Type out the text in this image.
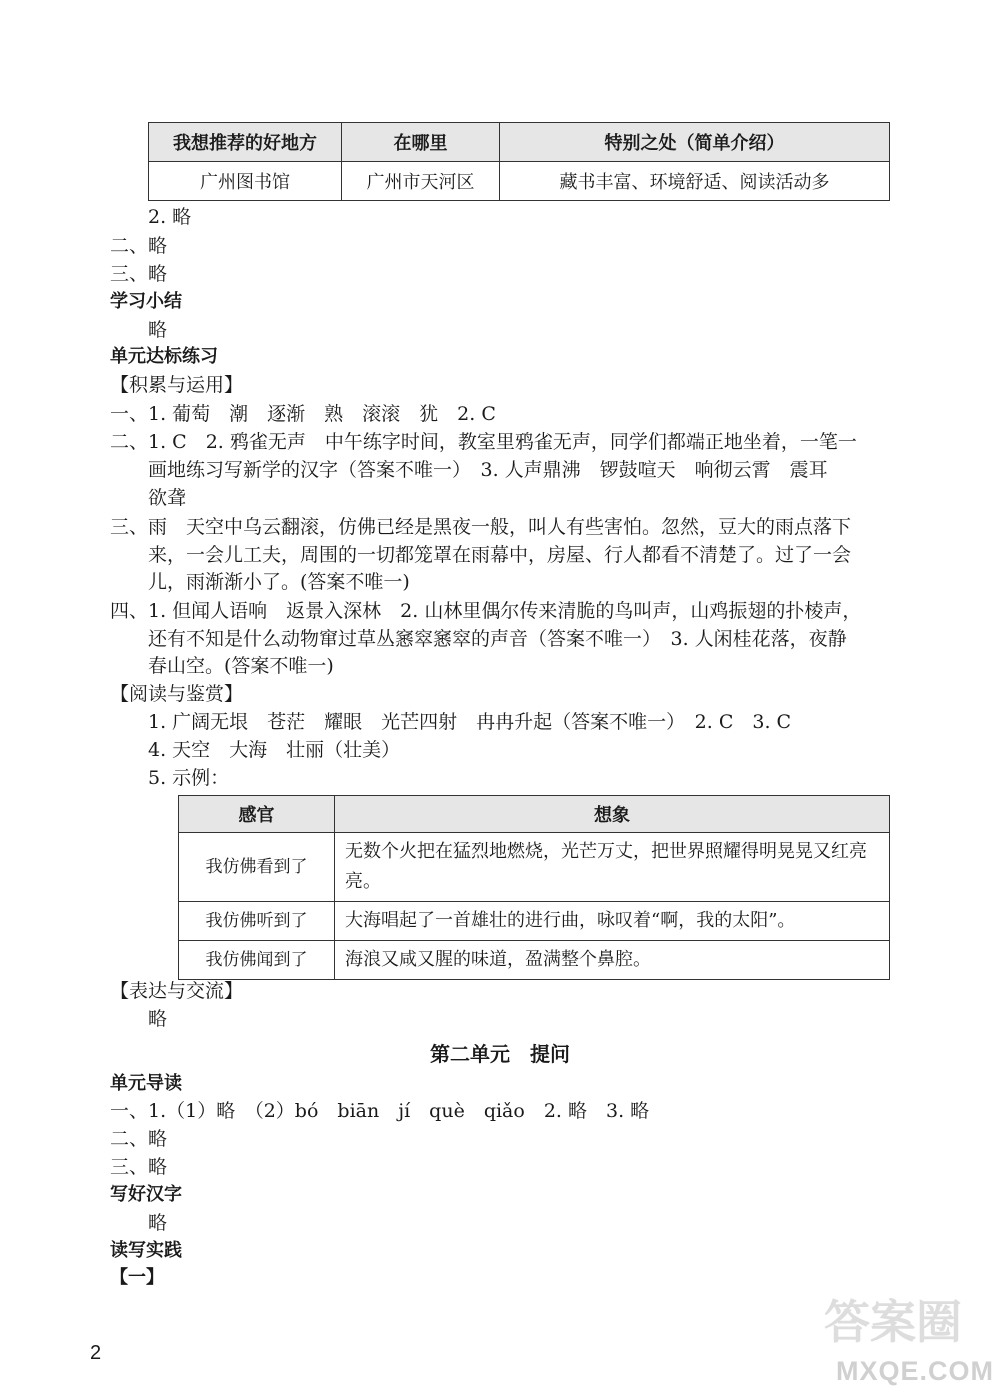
我想推荐的好地方	在哪里	特别之处（简单介绍）
广州图书馆	广州市天河区	藏书丰富、环境舒适、阅读活动多
2. 略
二、略
三、略
学习小结
略
单元达标练习
【积累与运用】
一、1. 葡萄　潮　逐渐　熟　滚滚　犹　2. C
二、1. C　2. 鸦雀无声　中午练字时间，教室里鸦雀无声，同学们都端正地坐着，一笔一
画地练习写新学的汉字（答案不唯一）　3. 人声鼎沸　锣鼓喧天　响彻云霄　震耳
欲聋
三、雨　天空中乌云翻滚，仿佛已经是黑夜一般，叫人有些害怕。忽然，豆大的雨点落下
来，一会儿工夫，周围的一切都笼罩在雨幕中，房屋、行人都看不清楚了。过了一会
儿，雨渐渐小了。(答案不唯一)
四、1. 但闻人语响　返景入深林　2. 山林里偶尔传来清脆的鸟叫声，山鸡振翅的扑棱声，
还有不知是什么动物窜过草丛窸窣窸窣的声音（答案不唯一）　3. 人闲桂花落，夜静
春山空。(答案不唯一)
【阅读与鉴赏】
1. 广阔无垠　苍茫　耀眼　光芒四射　冉冉升起（答案不唯一）　2. C　3. C
4. 天空　大海　壮丽（壮美）
5. 示例：
感官	想象
我仿佛看到了	无数个火把在猛烈地燃烧，光芒万丈，把世界照耀得明晃晃又红亮亮。
我仿佛听到了	大海唱起了一首雄壮的进行曲，咏叹着“啊，我的太阳”。
我仿佛闻到了	海浪又咸又腥的味道，盈满整个鼻腔。
【表达与交流】
略
第二单元　提问
单元导读
一、1.（1）略　（2）bó　biān　jí　què　qiǎo　2. 略　3. 略
二、略
三、略
写好汉字
略
读写实践
【一】
2
答案圈
MXQE.COM
